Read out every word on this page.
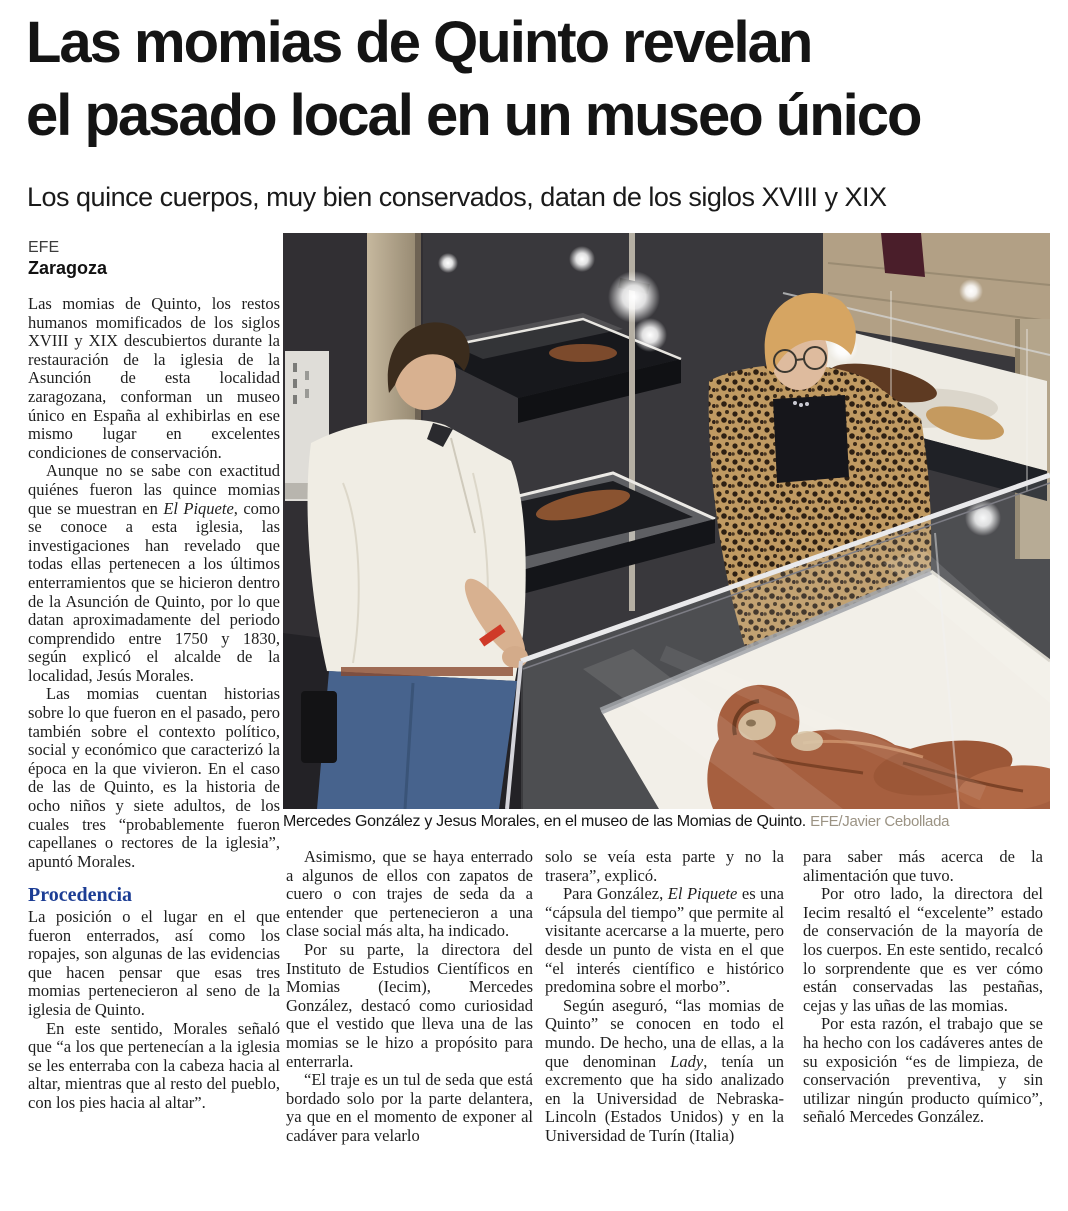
Las momias de Quinto revelan
el pasado local en un museo único
Los quince cuerpos, muy bien conservados, datan de los siglos XVIII y XIX
EFE
Zaragoza

Las momias de Quinto, los restos humanos momificados de los siglos XVIII y XIX descubiertos durante la restauración de la iglesia de la Asunción de esta localidad zaragozana, conforman un museo único en España al exhibirlas en ese mismo lugar en excelentes condiciones de conservación.

Aunque no se sabe con exactitud quiénes fueron las quince momias que se muestran en El Piquete, como se conoce a esta iglesia, las investigaciones han revelado que todas ellas pertenecen a los últimos enterramientos que se hicieron dentro de la Asunción de Quinto, por lo que datan aproximadamente del periodo comprendido entre 1750 y 1830, según explicó el alcalde de la localidad, Jesús Morales.

Las momias cuentan historias sobre lo que fueron en el pasado, pero también sobre el contexto político, social y económico que caracterizó la época en la que vivieron. En el caso de las de Quinto, es la historia de ocho niños y siete adultos, de los cuales tres “probablemente fueron capellanes o rectores de la iglesia”, apuntó Morales.

Procedencia

La posición o el lugar en el que fueron enterrados, así como los ropajes, son algunas de las evidencias que hacen pensar que esas tres momias pertenecieron al seno de la iglesia de Quinto.

En este sentido, Morales señaló que “a los que pertenecían a la iglesia se les enterraba con la cabeza hacia al altar, mientras que al resto del pueblo, con los pies hacia al altar”.

Mercedes González y Jesus Morales, en el museo de las Momias de Quinto. EFE/Javier Cebollada

Asimismo, que se haya enterrado a algunos de ellos con zapatos de cuero o con trajes de seda da a entender que pertenecieron a una clase social más alta, ha indicado.

Por su parte, la directora del Instituto de Estudios Científicos en Momias (Iecim), Mercedes González, destacó como curiosidad que el vestido que lleva una de las momias se le hizo a propósito para enterrarla.

“El traje es un tul de seda que está bordado solo por la parte delantera, ya que en el momento de exponer al cadáver para velarlo

solo se veía esta parte y no la trasera”, explicó.

Para González, El Piquete es una “cápsula del tiempo” que permite al visitante acercarse a la muerte, pero desde un punto de vista en el que “el interés científico e histórico predomina sobre el morbo”.

Según aseguró, “las momias de Quinto” se conocen en todo el mundo. De hecho, una de ellas, a la que denominan Lady, tenía un excremento que ha sido analizado en la Universidad de Nebraska-Lincoln (Estados Unidos) y en la Universidad de Turín (Italia)

para saber más acerca de la alimentación que tuvo.

Por otro lado, la directora del Iecim resaltó el “excelente” estado de conservación de la mayoría de los cuerpos. En este sentido, recalcó lo sorprendente que es ver cómo están conservadas las pestañas, cejas y las uñas de las momias.

Por esta razón, el trabajo que se ha hecho con los cadáveres antes de su exposición “es de limpieza, de conservación preventiva, y sin utilizar ningún producto químico”, señaló Mercedes González.
